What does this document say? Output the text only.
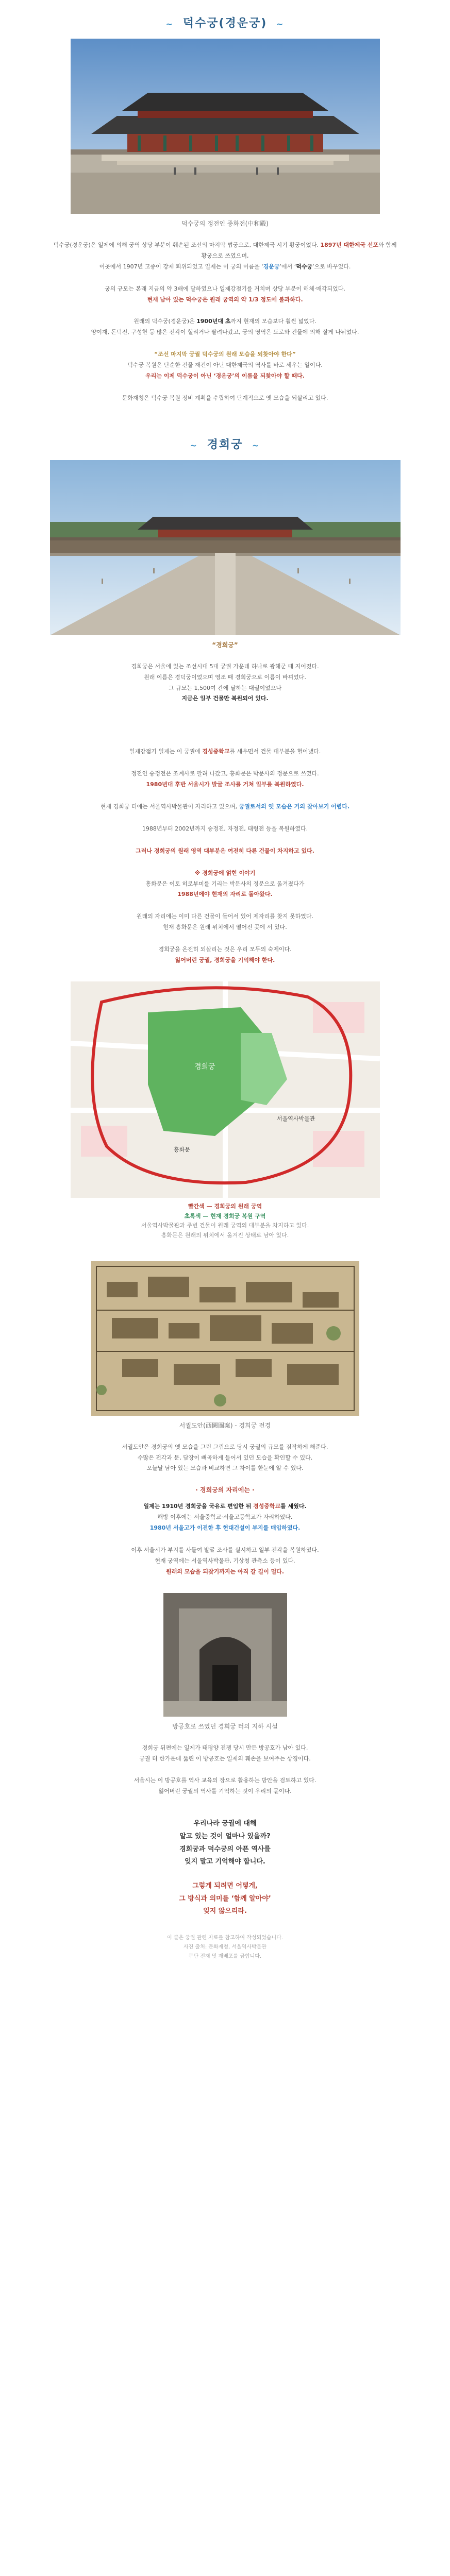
~ 덕수궁(경운궁) ~
덕수궁의 정전인 중화전(中和殿)
덕수궁(경운궁)은 일제에 의해 궁역 상당 부분이 훼손된 조선의 마지막 법궁으로, 대한제국 시기 황궁이었다. 1897년 대한제국 선포와 함께 황궁으로 쓰였으며,
이곳에서 1907년 고종이 강제 퇴위되었고 일제는 이 궁의 이름을 ‘경운궁’에서 ‘덕수궁’으로 바꾸었다.
궁의 규모는 본래 지금의 약 3배에 달하였으나 일제강점기를 거치며 상당 부분이 해체·매각되었다.
현재 남아 있는 덕수궁은 원래 궁역의 약 1/3 정도에 불과하다.
원래의 덕수궁(경운궁)은 1900년대 초까지 현재의 모습보다 훨씬 넓었다.
양이재, 돈덕전, 구성헌 등 많은 전각이 헐리거나 팔려나갔고, 궁의 영역은 도로와 건물에 의해 잘게 나뉘었다.
“조선 마지막 궁궐 덕수궁의 원래 모습을 되찾아야 한다”
덕수궁 복원은 단순한 건물 재건이 아닌 대한제국의 역사를 바로 세우는 일이다.
우리는 이제 덕수궁이 아닌 ‘경운궁’의 이름을 되찾아야 할 때다.
문화재청은 덕수궁 복원 정비 계획을 수립하여 단계적으로 옛 모습을 되살리고 있다.
~ 경희궁 ~
“경희궁”
경희궁은 서울에 있는 조선시대 5대 궁궐 가운데 하나로 광해군 때 지어졌다.
원래 이름은 경덕궁이었으며 영조 때 경희궁으로 이름이 바뀌었다.
그 규모는 1,500여 칸에 달하는 대궐이었으나
지금은 일부 건물만 복원되어 있다.
일제강점기 일제는 이 궁궐에 경성중학교를 세우면서 건물 대부분을 헐어냈다.
정전인 숭정전은 조계사로 팔려 나갔고, 흥화문은 박문사의 정문으로 쓰였다.
1980년대 후반 서울시가 발굴 조사를 거쳐 일부를 복원하였다.
현재 경희궁 터에는 서울역사박물관이 자리하고 있으며, 궁궐로서의 옛 모습은 거의 찾아보기 어렵다.
1988년부터 2002년까지 숭정전, 자정전, 태령전 등을 복원하였다.
그러나 경희궁의 원래 영역 대부분은 여전히 다른 건물이 차지하고 있다.
※ 경희궁에 얽힌 이야기
흥화문은 이토 히로부미를 기리는 박문사의 정문으로 옮겨졌다가
1988년에야 현재의 자리로 돌아왔다.
원래의 자리에는 이미 다른 건물이 들어서 있어 제자리를 찾지 못하였다.
현재 흥화문은 원래 위치에서 떨어진 곳에 서 있다.
경희궁을 온전히 되살리는 것은 우리 모두의 숙제이다.
잃어버린 궁궐, 경희궁을 기억해야 한다.
경희궁
서울역사박물관
흥화문
빨간색 — 경희궁의 원래 궁역
초록색 — 현재 경희궁 복원 구역
서울역사박물관과 주변 건물이 원래 궁역의 대부분을 차지하고 있다.
흥화문은 원래의 위치에서 옮겨진 상태로 남아 있다.
서궐도안(西闕圖案) - 경희궁 전경
서궐도안은 경희궁의 옛 모습을 그린 그림으로 당시 궁궐의 규모를 짐작하게 해준다.
수많은 전각과 문, 담장이 빼곡하게 들어서 있던 모습을 확인할 수 있다.
오늘날 남아 있는 모습과 비교하면 그 차이를 한눈에 알 수 있다.
· 경희궁의 자리에는 ·
일제는 1910년 경희궁을 국유로 편입한 뒤 경성중학교를 세웠다.
해방 이후에는 서울중학교·서울고등학교가 자리하였다.
1980년 서울고가 이전한 후 현대건설이 부지를 매입하였다.
이후 서울시가 부지를 사들여 발굴 조사를 실시하고 일부 전각을 복원하였다.
현재 궁역에는 서울역사박물관, 기상청 관측소 등이 있다.
원래의 모습을 되찾기까지는 아직 갈 길이 멀다.
방공호로 쓰였던 경희궁 터의 지하 시설
경희궁 뒤편에는 일제가 태평양 전쟁 당시 만든 방공호가 남아 있다.
궁궐 터 한가운데 뚫린 이 방공호는 일제의 훼손을 보여주는 상징이다.
서울시는 이 방공호를 역사 교육의 장으로 활용하는 방안을 검토하고 있다.
잃어버린 궁궐의 역사를 기억하는 것이 우리의 몫이다.
우리나라 궁궐에 대해
알고 있는 것이 얼마나 있을까?
경희궁과 덕수궁의 아픈 역사를
잊지 말고 기억해야 합니다.
그렇게 되려면 어떻게,
그 방식과 의미를 ‘함께 알아야’
잊지 않으리라.
이 글은 궁궐 관련 자료를 참고하여 작성되었습니다.
사진 출처: 문화재청, 서울역사박물관
무단 전재 및 재배포를 금합니다.
